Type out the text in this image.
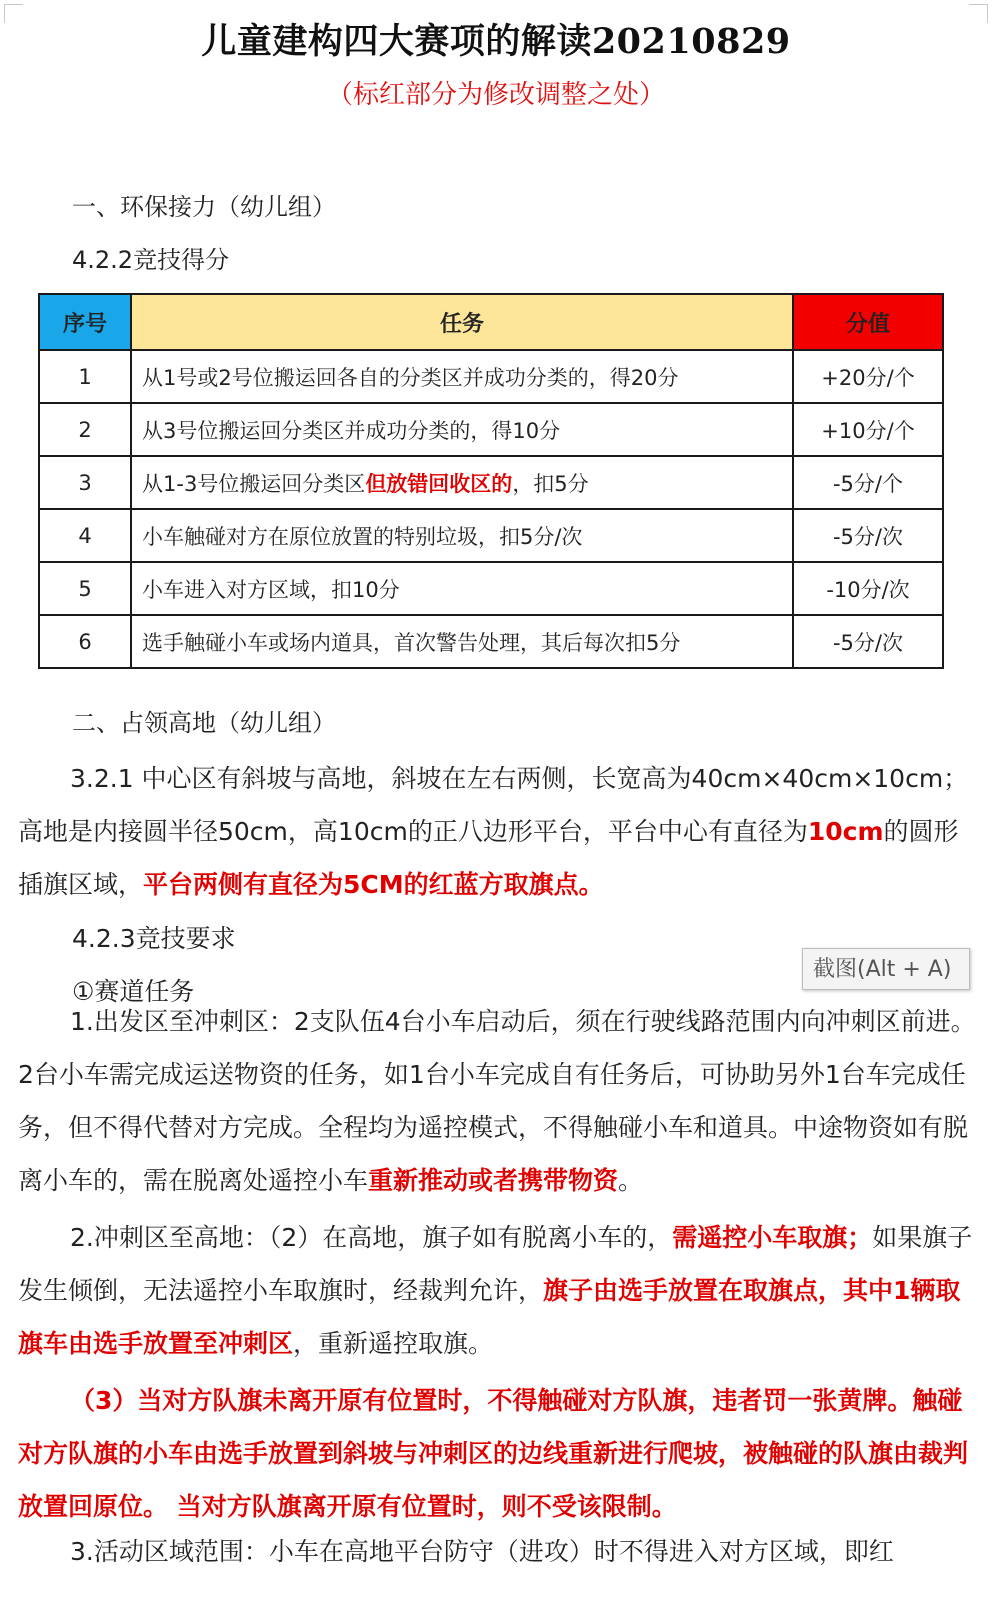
儿童建构四大赛项的解读20210829
（标红部分为修改调整之处）
一、环保接力（幼儿组）
4.2.2竞技得分
序号	任务	分值
1	从1号或2号位搬运回各自的分类区并成功分类的，得20分	+20分/个
2	从3号位搬运回分类区并成功分类的，得10分	+10分/个
3	从1-3号位搬运回分类区但放错回收区的，扣5分	-5分/个
4	小车触碰对方在原位放置的特别垃圾，扣5分/次	-5分/次
5	小车进入对方区域，扣10分	-10分/次
6	选手触碰小车或场内道具，首次警告处理，其后每次扣5分	-5分/次
二、占领高地（幼儿组）
3.2.1 中心区有斜坡与高地，斜坡在左右两侧，长宽高为40cm×40cm×10cm；高地是内接圆半径50cm，高10cm的正八边形平台，平台中心有直径为10cm的圆形插旗区域，平台两侧有直径为5CM的红蓝方取旗点。
4.2.3竞技要求
①赛道任务
1.出发区至冲刺区：2支队伍4台小车启动后，须在行驶线路范围内向冲刺区前进。2台小车需完成运送物资的任务，如1台小车完成自有任务后，可协助另外1台车完成任务，但不得代替对方完成。全程均为遥控模式，不得触碰小车和道具。中途物资如有脱离小车的，需在脱离处遥控小车重新推动或者携带物资。
2.冲刺区至高地：（2）在高地，旗子如有脱离小车的，需遥控小车取旗；如果旗子发生倾倒，无法遥控小车取旗时，经裁判允许，旗子由选手放置在取旗点，其中1辆取旗车由选手放置至冲刺区，重新遥控取旗。
（3）当对方队旗未离开原有位置时，不得触碰对方队旗，违者罚一张黄牌。触碰对方队旗的小车由选手放置到斜坡与冲刺区的边线重新进行爬坡，被触碰的队旗由裁判放置回原位。 当对方队旗离开原有位置时，则不受该限制。
3.活动区域范围：小车在高地平台防守（进攻）时不得进入对方区域，即红
截图(Alt + A)
